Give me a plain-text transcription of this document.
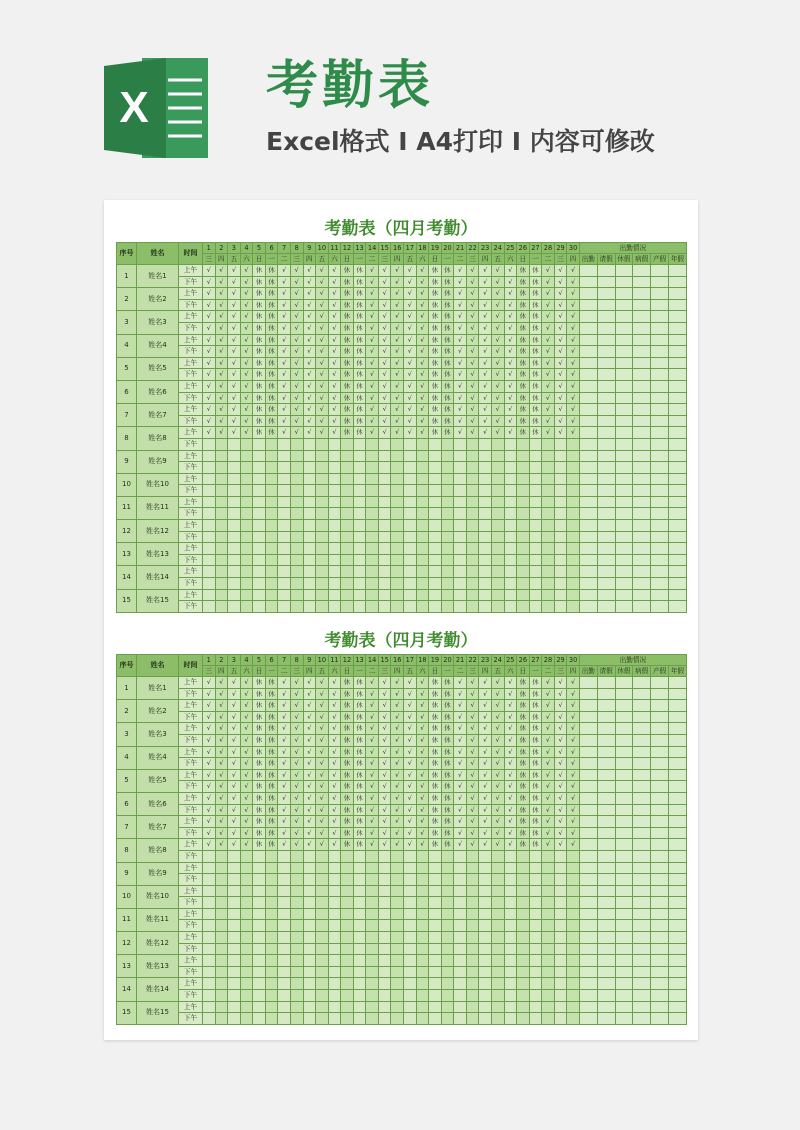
X 考勤表
Excel格式 I A4打印 I 内容可修改
考勤表（四月考勤）
序号	姓名	时间	1	2	3	4	5	6	7	8	9	10	11	12	13	14	15	16	17	18	19	20	21	22	23	24	25	26	27	28	29	30	出勤情况					
			三	四	五	六	日	一	二	三	四	五	六	日	一	二	三	四	五	六	日	一	二	三	四	五	六	日	一	二	三	四	出勤	请假	休假	病假	产假	年假
1	姓名1	上午	√	√	√	√	休	休	√	√	√	√	√	休	休	√	√	√	√	√	休	休	√	√	√	√	√	休	休	√	√	√						
		下午	√	√	√	√	休	休	√	√	√	√	√	休	休	√	√	√	√	√	休	休	√	√	√	√	√	休	休	√	√	√						
2	姓名2	上午	√	√	√	√	休	休	√	√	√	√	√	休	休	√	√	√	√	√	休	休	√	√	√	√	√	休	休	√	√	√						
		下午	√	√	√	√	休	休	√	√	√	√	√	休	休	√	√	√	√	√	休	休	√	√	√	√	√	休	休	√	√	√						
3	姓名3	上午	√	√	√	√	休	休	√	√	√	√	√	休	休	√	√	√	√	√	休	休	√	√	√	√	√	休	休	√	√	√						
		下午	√	√	√	√	休	休	√	√	√	√	√	休	休	√	√	√	√	√	休	休	√	√	√	√	√	休	休	√	√	√						
4	姓名4	上午	√	√	√	√	休	休	√	√	√	√	√	休	休	√	√	√	√	√	休	休	√	√	√	√	√	休	休	√	√	√						
		下午	√	√	√	√	休	休	√	√	√	√	√	休	休	√	√	√	√	√	休	休	√	√	√	√	√	休	休	√	√	√						
5	姓名5	上午	√	√	√	√	休	休	√	√	√	√	√	休	休	√	√	√	√	√	休	休	√	√	√	√	√	休	休	√	√	√						
		下午	√	√	√	√	休	休	√	√	√	√	√	休	休	√	√	√	√	√	休	休	√	√	√	√	√	休	休	√	√	√						
6	姓名6	上午	√	√	√	√	休	休	√	√	√	√	√	休	休	√	√	√	√	√	休	休	√	√	√	√	√	休	休	√	√	√						
		下午	√	√	√	√	休	休	√	√	√	√	√	休	休	√	√	√	√	√	休	休	√	√	√	√	√	休	休	√	√	√						
7	姓名7	上午	√	√	√	√	休	休	√	√	√	√	√	休	休	√	√	√	√	√	休	休	√	√	√	√	√	休	休	√	√	√						
		下午	√	√	√	√	休	休	√	√	√	√	√	休	休	√	√	√	√	√	休	休	√	√	√	√	√	休	休	√	√	√						
8	姓名8	上午	√	√	√	√	休	休	√	√	√	√	√	休	休	√	√	√	√	√	休	休	√	√	√	√	√	休	休	√	√	√						
		下午																																				
9	姓名9	上午																																				
		下午																																				
10	姓名10	上午																																				
		下午																																				
11	姓名11	上午																																				
		下午																																				
12	姓名12	上午																																				
		下午																																				
13	姓名13	上午																																				
		下午																																				
14	姓名14	上午																																				
		下午																																				
15	姓名15	上午																																				
		下午																																				
考勤表（四月考勤）
序号	姓名	时间	1	2	3	4	5	6	7	8	9	10	11	12	13	14	15	16	17	18	19	20	21	22	23	24	25	26	27	28	29	30	出勤情况					
			三	四	五	六	日	一	二	三	四	五	六	日	一	二	三	四	五	六	日	一	二	三	四	五	六	日	一	二	三	四	出勤	请假	休假	病假	产假	年假
1	姓名1	上午	√	√	√	√	休	休	√	√	√	√	√	休	休	√	√	√	√	√	休	休	√	√	√	√	√	休	休	√	√	√						
		下午	√	√	√	√	休	休	√	√	√	√	√	休	休	√	√	√	√	√	休	休	√	√	√	√	√	休	休	√	√	√						
2	姓名2	上午	√	√	√	√	休	休	√	√	√	√	√	休	休	√	√	√	√	√	休	休	√	√	√	√	√	休	休	√	√	√						
		下午	√	√	√	√	休	休	√	√	√	√	√	休	休	√	√	√	√	√	休	休	√	√	√	√	√	休	休	√	√	√						
3	姓名3	上午	√	√	√	√	休	休	√	√	√	√	√	休	休	√	√	√	√	√	休	休	√	√	√	√	√	休	休	√	√	√						
		下午	√	√	√	√	休	休	√	√	√	√	√	休	休	√	√	√	√	√	休	休	√	√	√	√	√	休	休	√	√	√						
4	姓名4	上午	√	√	√	√	休	休	√	√	√	√	√	休	休	√	√	√	√	√	休	休	√	√	√	√	√	休	休	√	√	√						
		下午	√	√	√	√	休	休	√	√	√	√	√	休	休	√	√	√	√	√	休	休	√	√	√	√	√	休	休	√	√	√						
5	姓名5	上午	√	√	√	√	休	休	√	√	√	√	√	休	休	√	√	√	√	√	休	休	√	√	√	√	√	休	休	√	√	√						
		下午	√	√	√	√	休	休	√	√	√	√	√	休	休	√	√	√	√	√	休	休	√	√	√	√	√	休	休	√	√	√						
6	姓名6	上午	√	√	√	√	休	休	√	√	√	√	√	休	休	√	√	√	√	√	休	休	√	√	√	√	√	休	休	√	√	√						
		下午	√	√	√	√	休	休	√	√	√	√	√	休	休	√	√	√	√	√	休	休	√	√	√	√	√	休	休	√	√	√						
7	姓名7	上午	√	√	√	√	休	休	√	√	√	√	√	休	休	√	√	√	√	√	休	休	√	√	√	√	√	休	休	√	√	√						
		下午	√	√	√	√	休	休	√	√	√	√	√	休	休	√	√	√	√	√	休	休	√	√	√	√	√	休	休	√	√	√						
8	姓名8	上午	√	√	√	√	休	休	√	√	√	√	√	休	休	√	√	√	√	√	休	休	√	√	√	√	√	休	休	√	√	√						
		下午																																				
9	姓名9	上午																																				
		下午																																				
10	姓名10	上午																																				
		下午																																				
11	姓名11	上午																																				
		下午																																				
12	姓名12	上午																																				
		下午																																				
13	姓名13	上午																																				
		下午																																				
14	姓名14	上午																																				
		下午																																				
15	姓名15	上午																																				
		下午																																				
